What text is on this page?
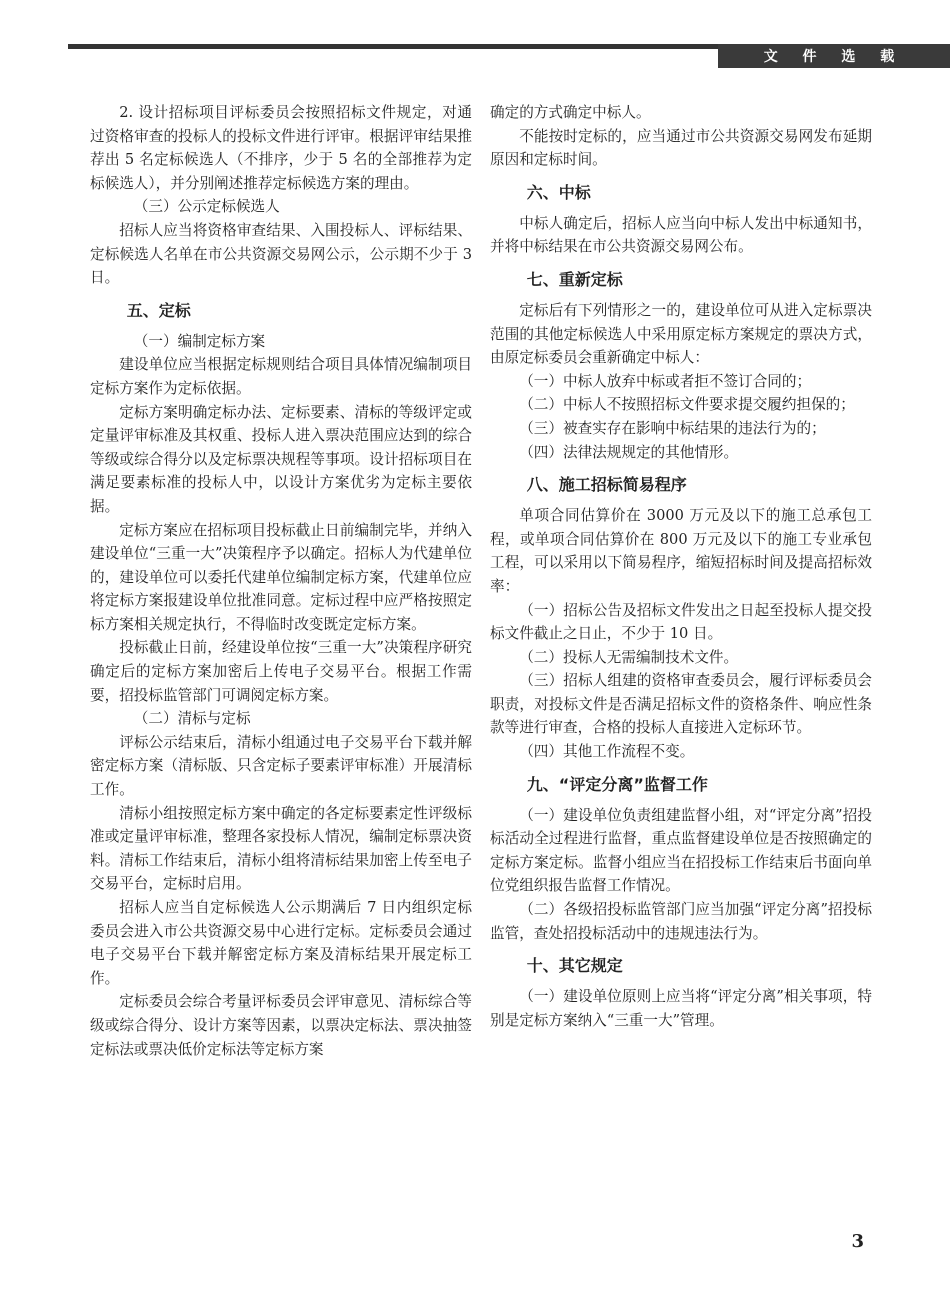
文 件 选 载

2. 设计招标项目评标委员会按照招标文件规定，对通过资格审查的投标人的投标文件进行评审。根据评审结果推荐出 5 名定标候选人（不排序，少于 5 名的全部推荐为定标候选人），并分别阐述推荐定标候选方案的理由。

（三）公示定标候选人

招标人应当将资格审查结果、入围投标人、评标结果、定标候选人名单在市公共资源交易网公示，公示期不少于 3 日。

五、定标

（一）编制定标方案

建设单位应当根据定标规则结合项目具体情况编制项目定标方案作为定标依据。

定标方案明确定标办法、定标要素、清标的等级评定或定量评审标准及其权重、投标人进入票决范围应达到的综合等级或综合得分以及定标票决规程等事项。设计招标项目在满足要素标准的投标人中，以设计方案优劣为定标主要依据。

定标方案应在招标项目投标截止日前编制完毕，并纳入建设单位“三重一大”决策程序予以确定。招标人为代建单位的，建设单位可以委托代建单位编制定标方案，代建单位应将定标方案报建设单位批准同意。定标过程中应严格按照定标方案相关规定执行，不得临时改变既定定标方案。

投标截止日前，经建设单位按“三重一大”决策程序研究确定后的定标方案加密后上传电子交易平台。根据工作需要，招投标监管部门可调阅定标方案。

（二）清标与定标

评标公示结束后，清标小组通过电子交易平台下载并解密定标方案（清标版、只含定标子要素评审标准）开展清标工作。

清标小组按照定标方案中确定的各定标要素定性评级标准或定量评审标准，整理各家投标人情况，编制定标票决资料。清标工作结束后，清标小组将清标结果加密上传至电子交易平台，定标时启用。

招标人应当自定标候选人公示期满后 7 日内组织定标委员会进入市公共资源交易中心进行定标。定标委员会通过电子交易平台下载并解密定标方案及清标结果开展定标工作。

定标委员会综合考量评标委员会评审意见、清标综合等级或综合得分、设计方案等因素，以票决定标法、票决抽签定标法或票决低价定标法等定标方案

确定的方式确定中标人。

不能按时定标的，应当通过市公共资源交易网发布延期原因和定标时间。

六、中标

中标人确定后，招标人应当向中标人发出中标通知书，并将中标结果在市公共资源交易网公布。

七、重新定标

定标后有下列情形之一的，建设单位可从进入定标票决范围的其他定标候选人中采用原定标方案规定的票决方式，由原定标委员会重新确定中标人：

（一）中标人放弃中标或者拒不签订合同的；

（二）中标人不按照招标文件要求提交履约担保的；

（三）被查实存在影响中标结果的违法行为的；

（四）法律法规规定的其他情形。

八、施工招标简易程序

单项合同估算价在 3000 万元及以下的施工总承包工程，或单项合同估算价在 800 万元及以下的施工专业承包工程，可以采用以下简易程序，缩短招标时间及提高招标效率：

（一）招标公告及招标文件发出之日起至投标人提交投标文件截止之日止，不少于 10 日。

（二）投标人无需编制技术文件。

（三）招标人组建的资格审查委员会，履行评标委员会职责，对投标文件是否满足招标文件的资格条件、响应性条款等进行审查，合格的投标人直接进入定标环节。

（四）其他工作流程不变。

九、“评定分离”监督工作

（一）建设单位负责组建监督小组，对“评定分离”招投标活动全过程进行监督，重点监督建设单位是否按照确定的定标方案定标。监督小组应当在招投标工作结束后书面向单位党组织报告监督工作情况。

（二）各级招投标监管部门应当加强“评定分离”招投标监管，查处招投标活动中的违规违法行为。

十、其它规定

（一）建设单位原则上应当将“评定分离”相关事项，特别是定标方案纳入“三重一大”管理。

3
